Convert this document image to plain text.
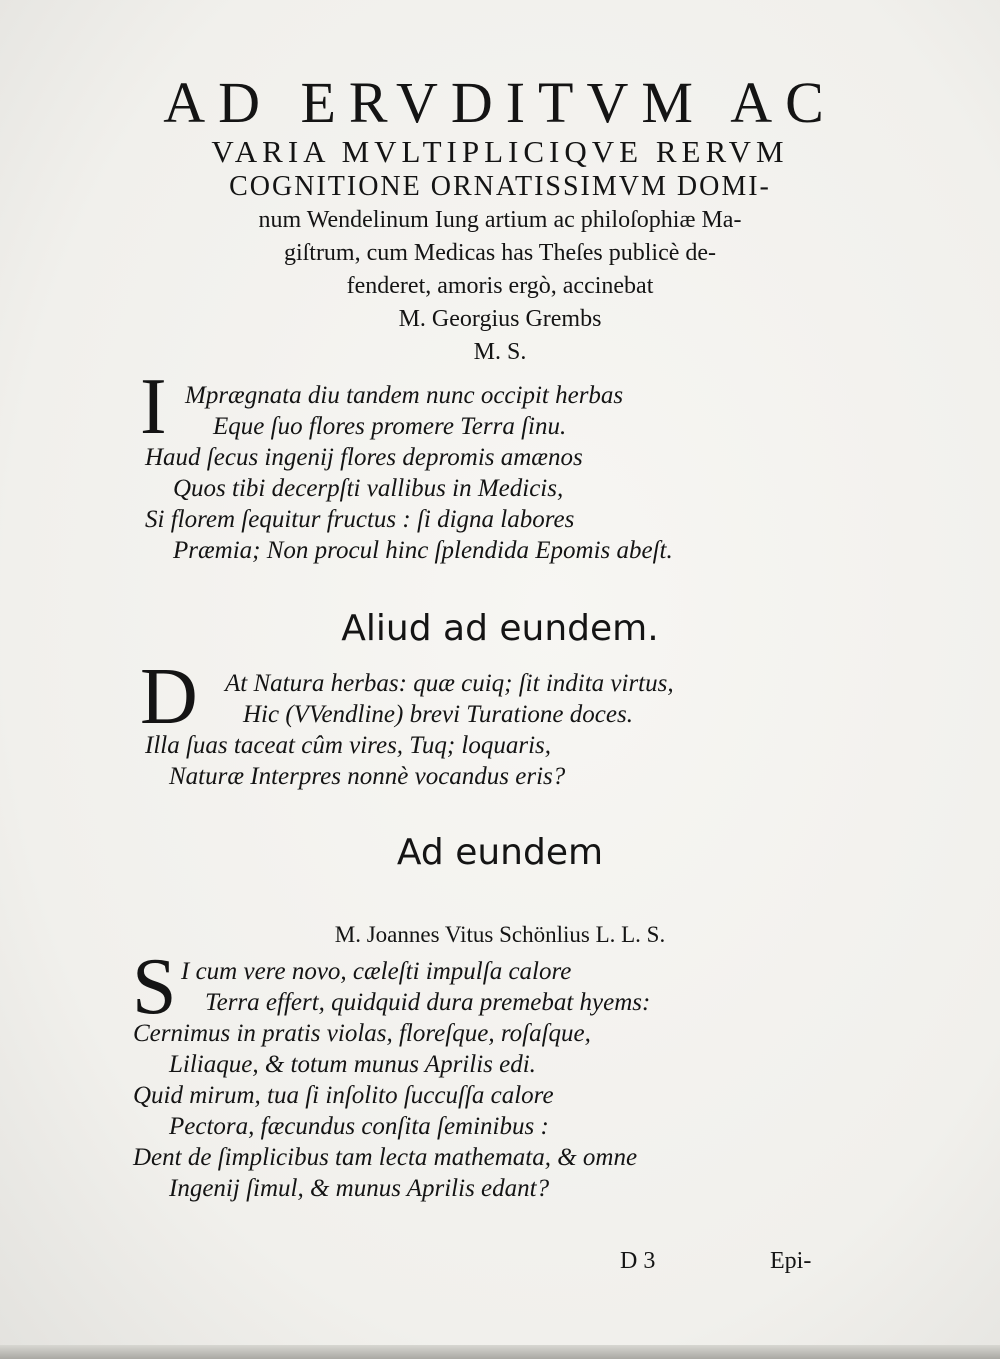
AD ERVDITVM AC

VARIA MVLTIPLICIQVE RERVM

COGNITIONE ORNATISSIMVM DOMI-

num Wendelinum Iung artium ac philoſophiæ Ma-

giſtrum, cum Medicas has Theſes publicè de-

fenderet, amoris ergò, accinebat

M. Georgius Grembs

M. S.

I Mprægnata diu tandem nunc occipit herbas
Eque ſuo flores promere Terra ſinu.
Haud ſecus ingenij flores depromis amænos
Quos tibi decerpſti vallibus in Medicis,
Si florem ſequitur fructus : ſi digna labores
Præmia; Non procul hinc ſplendida Epomis abeſt.
Aliud ad eundem.
D	At Natura herbas: quæ cuiq; ſit indita virtus,
Hic (VVendline) brevi Turatione doces.
Illa ſuas taceat cûm vires, Tuq; loquaris,
Naturæ Interpres nonnè vocandus eris?
Ad eundem
M. Joannes Vitus Schönlius L. L. S.
S I cum vere novo, cæleſti impulſa calore
Terra effert, quidquid dura premebat hyems:
Cernimus in pratis violas, floreſque, roſaſque,
Liliaque, & totum munus Aprilis edi.
Quid mirum, tua ſi inſolito ſuccuſſa calore
Pectora, fæcundus conſita ſeminibus :
Dent de ſimplicibus tam lecta mathemata, & omne
Ingenij ſimul, & munus Aprilis edant?
D 3	Epi-
